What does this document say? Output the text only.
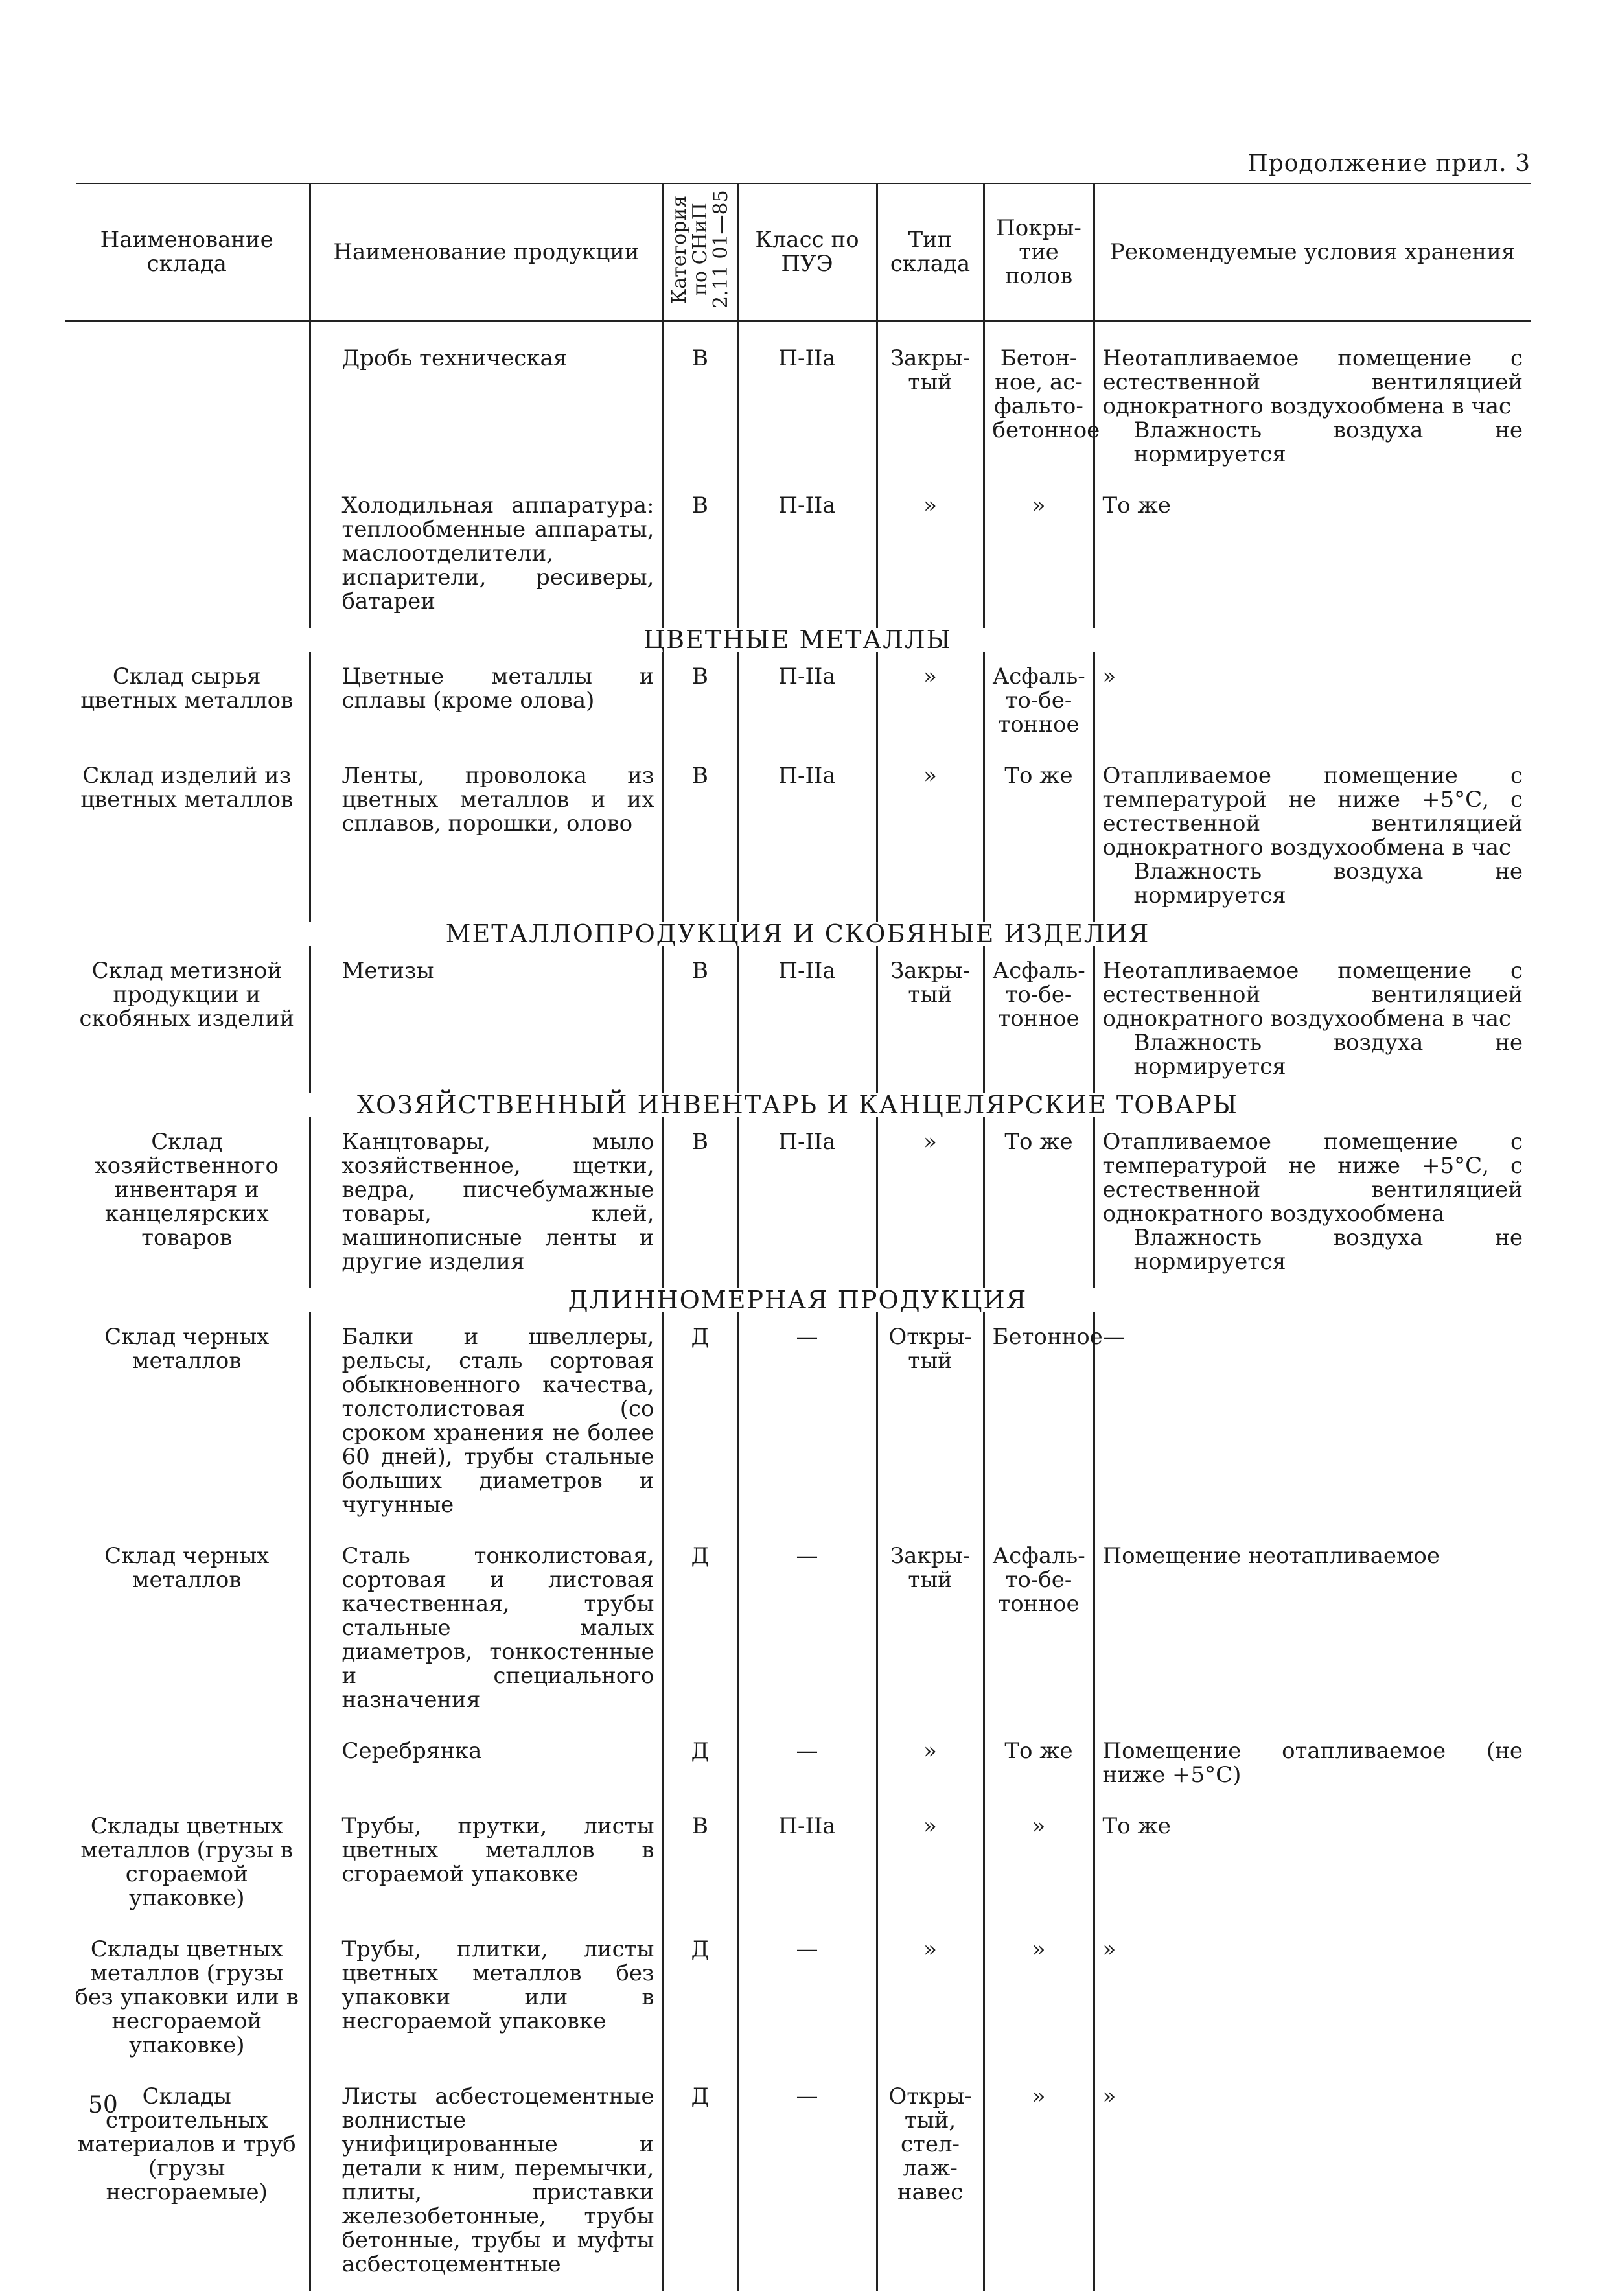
Продолжение прил. 3
Наименование склада	Наименование продукции	Категория по СНиП 2.11 01—85	Класс по ПУЭ	Тип склада	Покры-тие полов	Рекомендуемые условия хранения
	Дробь техническая	В	П-IIa	Закры-тый	Бетон-ное, ас-фальто-бетонное	Неотапливаемое помещение с естественной вентиляцией однократного воздухообмена в час
Влажность воздуха не нормируется

	Холодильная аппаратура: теплообменные аппараты, маслоотделители, испарители, ресиверы, батареи	В	П-IIa	»	»	То же

ЦВЕТНЫЕ МЕТАЛЛЫ						
Склад сырья цветных металлов	Цветные металлы и сплавы (кроме олова)	В	П-IIa	»	Асфаль-то-бе-тонное	»

Склад изделий из цветных металлов	Ленты, проволока из цветных металлов и их сплавов, порошки, олово	В	П-IIa	»	То же	Отапливаемое помещение с температурой не ниже +5°С, с естественной вентиляцией однократного воздухообмена в час
Влажность воздуха не нормируется

МЕТАЛЛОПРОДУКЦИЯ И СКОБЯНЫЕ ИЗДЕЛИЯ						
Склад метизной продукции и скобяных изделий	Метизы	В	П-IIa	Закры-тый	Асфаль-то-бе-тонное	Неотапливаемое помещение с естественной вентиляцией однократного воздухообмена в час
Влажность воздуха не нормируется

ХОЗЯЙСТВЕННЫЙ ИНВЕНТАРЬ И КАНЦЕЛЯРСКИЕ ТОВАРЫ						
Склад хозяйственного инвентаря и канцелярских товаров	Канцтовары, мыло хозяйственное, щетки, ведра, писчебумажные товары, клей, машинописные ленты и другие изделия	В	П-IIa	»	То же	Отапливаемое помещение с температурой не ниже +5°С, с естественной вентиляцией однократного воздухообмена
Влажность воздуха не нормируется

ДЛИННОМЕРНАЯ ПРОДУКЦИЯ						
Склад черных металлов	Балки и швеллеры, рельсы, сталь сортовая обыкновенного качества, толстолистовая (со сроком хранения не более 60 дней), трубы стальные больших диаметров и чугунные	Д	—	Откры-тый	Бетонное	—

Склад черных металлов	Сталь тонколистовая, сортовая и листовая качественная, трубы стальные малых диаметров, тонкостенные и специального назначения	Д	—	Закры-тый	Асфаль-то-бе-тонное	Помещение неотапливаемое

	Серебрянка	Д	—	»	То же	Помещение отапливаемое (не ниже +5°С)

Склады цветных металлов (грузы в сгораемой упаковке)	Трубы, прутки, листы цветных металлов в сгораемой упаковке	В	П-IIa	»	»	То же

Склады цветных металлов (грузы без упаковки или в несгораемой упаковке)	Трубы, плитки, листы цветных металлов без упаковки или в несгораемой упаковке	Д	—	»	»	»

Склады строительных материалов и труб (грузы несгораемые)	Листы асбестоцементные волнистые унифицированные и детали к ним, перемычки, плиты, приставки железобетонные, трубы бетонные, трубы и муфты асбестоцементные	Д	—	Откры-тый, стел-лаж-навес	»	»
50
